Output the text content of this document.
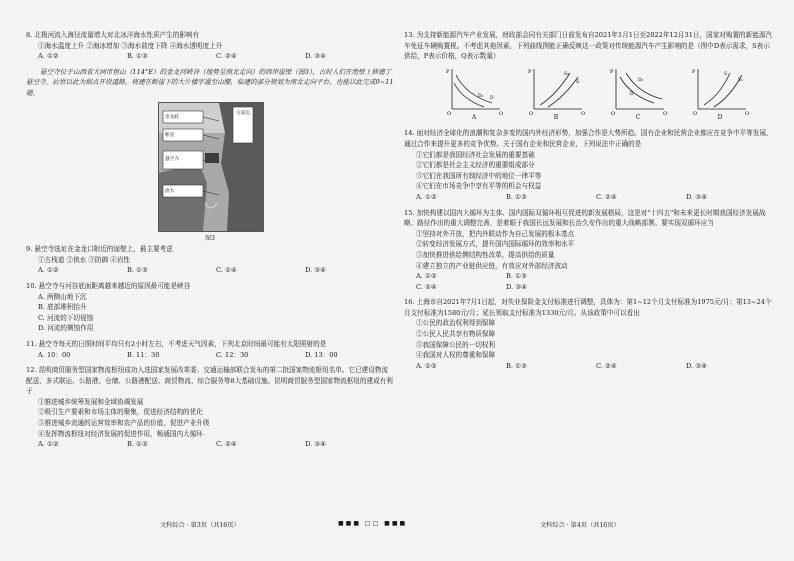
8. 北极河流入海径流量增大对北冰洋海水性质产生的影响有

①海水温度上升 ②海冰增加 ③海水盐度下降 ④海水透明度上升

A. ①②	B. ①③	C. ②④	D. ③④

悬空寺位于山西省大同市恒山（114°E）的金龙河峡谷（地势呈南北走向）的西岸崖壁（图3），古时人们在绝壁上修建了悬空寺，后世以此为据点开设道路，将建在断崖下的大片楼宇通至山腰，临建的部分规划为南北走向平台，也能以此完成9~11题。

金龙峡
断崖
悬空寺
流水
古道边

图3

9. 悬空寺选址在金龙口附近的崖壁上，最主要考虑

①古栈道 ②供水 ③防御 ④岩性

A. ①②	B. ①③	C. ②④	D. ③④

10. 悬空寺与河谷底面距离越来越近的原因最可能是峡谷

A. 两侧山地下沉

B. 底部堆积抬升

C. 河流的下切侵蚀

D. 河流的侧蚀作用

11. 悬空寺每天的日照时间平均只有2小时左右，不考虑天气因素，下列北京时间最可能有太阳照射的是

A. 10：00	B. 11：30	C. 12：30	D. 13：00

12. 昆明商贸服务型国家物流枢纽成功入选国家发展改革委、交通运输部联合发布的第二批国家物流枢纽名单。它已建设物流配送、多式联运、公路港、仓储、公路港配送、商贸物流、综合服务等8大基础设施。昆明商贸服务型国家物流枢纽的建成有利于

①推进城乡统筹发展和全域协调发展

②吸引生产要素和市场主体的聚集，促进经济结构的优化

③推进城乡流通的运营效率和农产品的价值，促进产业升级

④发挥物流枢纽对经济发展的促进作用，畅通国内大循环

A. ①②	B. ①③	C. ②④	D. ③④

13. 为支持新能源汽车产业发展，财政部会同有关部门日前发布自2021年1月1日至2022年12月31日，国家对购置的新能源汽车免征车辆购置税。不考虑其他因素，下列曲线图能正确反映这一政策对传统能源汽车产生影响的是（图中D表示需求，S表示供给，P表示价格，Q表示数量）

P
Q
O
D
D₁
A
P
Q
O
S₁
S
B
P
Q
O
D₁
D
C
P
Q
O
S
S₁
D

14. 面对经济全球化的浪潮和复杂多变的国内外经济形势，加强合作是大势所趋。国有企业和民营企业都应在竞争中平等发展，通过合作来提升更多的竞争优势。关于国有企业和民营企业，下列说法中正确的是

①它们都是我国经济社会发展的重要基础

②它们都是社会主义经济的重要组成部分

③它们在我国所有制经济中的地位一律平等

④它们在市场竞争中享有平等的机会与权益

A. ①②	B. ①③	C. ②④	D. ③④

15. 加快构建以国内大循环为主体、国内国际双循环相互促进的新发展格局，这是对"十四五"和未来更长时期我国经济发展战略、路径作出的重大调整完善，是着眼于我国长远发展和长治久安作出的重大战略部署。要实现双循环应当

①坚持对外开放，把内外联动作为自己发展的根本基点

②转变经济发展方式，提升国内国际循环的效率和水平

③加快推进供给侧结构性改革，提高供给的质量

④建立独立的产业链供应链，有效应对外部经济波动

A. ①②	B. ①③
C. ②④	D. ③④

16. 上海市自2021年7月1日起，对失业保险金支付标准进行调整，具体为：第1~12个月支付标准为1975元/月；第13~24个月支付标准为1580元/月；延长领取支付标准为1330元/月。从该政策中可以看出

①公民的政治权利得到保障

②公民人民共享有物质保障

③我国保障公民的一切权利

④我国对人权的尊重和保障

A. ①②	B. ①③	C. ②④	D. ③④
文科综合 · 第3页（共16页）	■■■ □□ ■■■	文科综合 · 第4页（共16页）
